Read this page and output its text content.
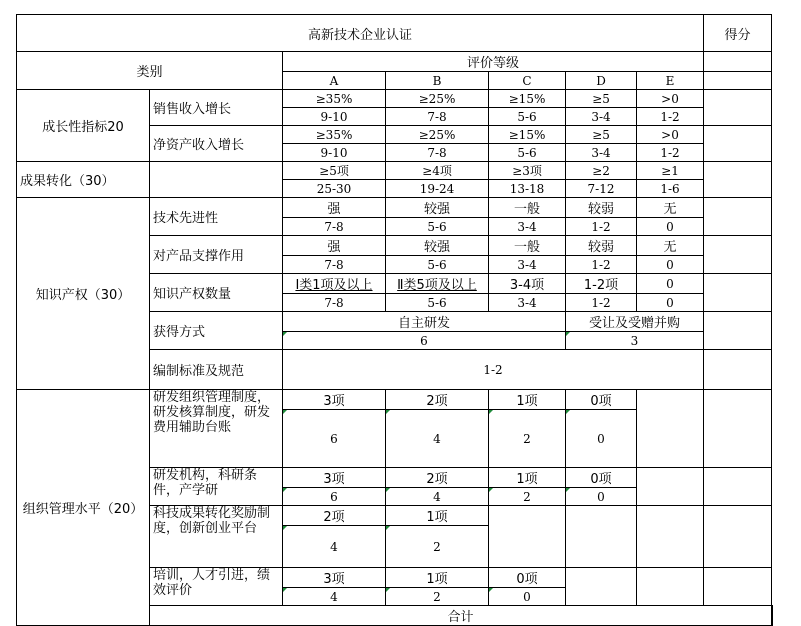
高新技术企业认证							得分	
类别		评价等级						
		A	B	C	D	E		
成长性指标20	销售收入增长	≥35%	≥25%	≥15%	≥5	>0		
		9-10	7-8	5-6	3-4	1-2		
	净资产收入增长	≥35%	≥25%	≥15%	≥5	>0		
		9-10	7-8	5-6	3-4	1-2		
成果转化（30）		≥5项	≥4项	≥3项	≥2	≥1		
		25-30	19-24	13-18	7-12	1-6		
知识产权（30）	技术先进性	强	较强	一般	较弱	无		
		7-8	5-6	3-4	1-2	0		
	对产品支撑作用	强	较强	一般	较弱	无		
		7-8	5-6	3-4	1-2	0		
	知识产权数量	Ⅰ类1项及以上	Ⅱ类5项及以上	3-4项	1-2项	0		
		7-8	5-6	3-4	1-2	0		
	获得方式	自主研发			受让及受赠并购			
		6			3			
	编制标准及规范	1-2						
组织管理水平（20）	研发组织管理制度，研发核算制度，研发费用辅助台账	3项	2项	1项	0项			
		6	4	2	0			
	研发机构，科研条件，产学研	3项	2项	1项	0项			
		6	4	2	0			
	科技成果转化奖励制度，创新创业平台	2项	1项					
		4	2					
	培训，人才引进，绩效评价	3项	1项	0项				
		4	2	0				
	合计							
